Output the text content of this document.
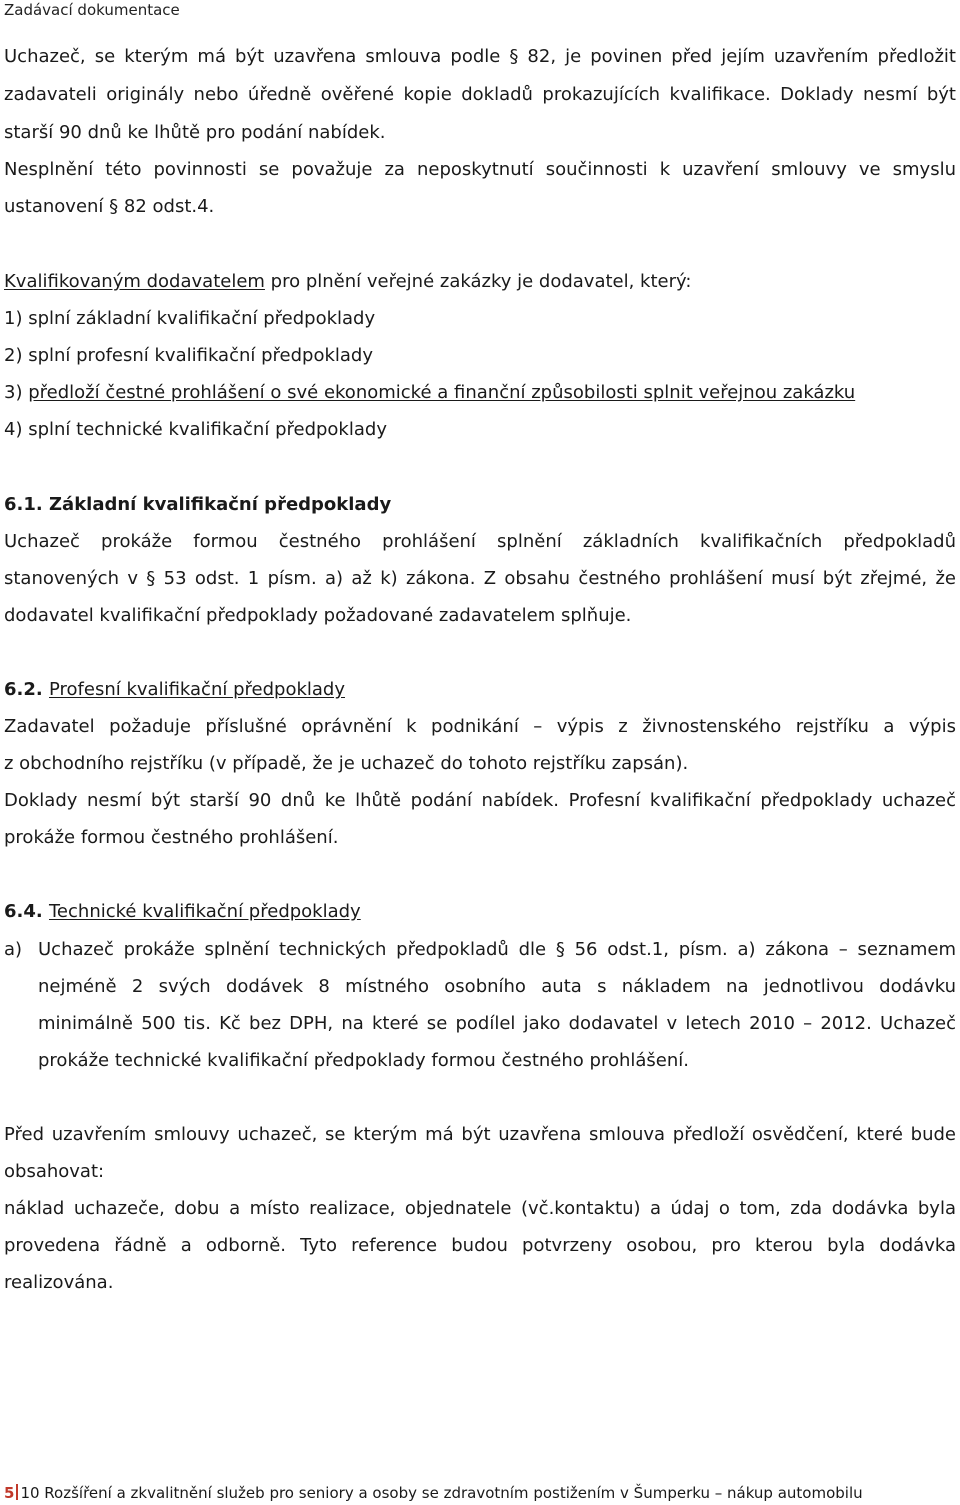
Zadávací dokumentace
Uchazeč, se kterým má být uzavřena smlouva podle § 82, je povinen před jejím uzavřením předložit
zadavateli originály nebo úředně ověřené kopie dokladů prokazujících kvalifikace. Doklady nesmí být
starší 90 dnů ke lhůtě pro podání nabídek.
Nesplnění této povinnosti se považuje za neposkytnutí součinnosti k uzavření smlouvy ve smyslu
ustanovení § 82 odst.4.
Kvalifikovaným dodavatelem pro plnění veřejné zakázky je dodavatel, který:
1) splní základní kvalifikační předpoklady
2) splní profesní kvalifikační předpoklady
3) předloží čestné prohlášení o své ekonomické a finanční způsobilosti splnit veřejnou zakázku
4) splní technické kvalifikační předpoklady
6.1. Základní kvalifikační předpoklady
Uchazeč prokáže formou čestného prohlášení splnění základních kvalifikačních předpokladů
stanovených v § 53 odst. 1 písm. a) až k) zákona. Z obsahu čestného prohlášení musí být zřejmé, že
dodavatel kvalifikační předpoklady požadované zadavatelem splňuje.
6.2. Profesní kvalifikační předpoklady
Zadavatel požaduje příslušné oprávnění k podnikání – výpis z živnostenského rejstříku a výpis
z obchodního rejstříku (v případě, že je uchazeč do tohoto rejstříku zapsán).
Doklady nesmí být starší 90 dnů ke lhůtě podání nabídek. Profesní kvalifikační předpoklady uchazeč
prokáže formou čestného prohlášení.
6.4. Technické kvalifikační předpoklady
a) Uchazeč prokáže splnění technických předpokladů dle § 56 odst.1, písm. a) zákona – seznamem
nejméně 2 svých dodávek 8 místného osobního auta s nákladem na jednotlivou dodávku
minimálně 500 tis. Kč bez DPH, na které se podílel jako dodavatel v letech 2010 – 2012. Uchazeč
prokáže technické kvalifikační předpoklady formou čestného prohlášení.
Před uzavřením smlouvy uchazeč, se kterým má být uzavřena smlouva předloží osvědčení, které bude
obsahovat:
náklad uchazeče, dobu a místo realizace, objednatele (vč.kontaktu) a údaj o tom, zda dodávka byla
provedena řádně a odborně. Tyto reference budou potvrzeny osobou, pro kterou byla dodávka
realizována.
5 10 Rozšíření a zkvalitnění služeb pro seniory a osoby se zdravotním postižením v Šumperku – nákup automobilu
